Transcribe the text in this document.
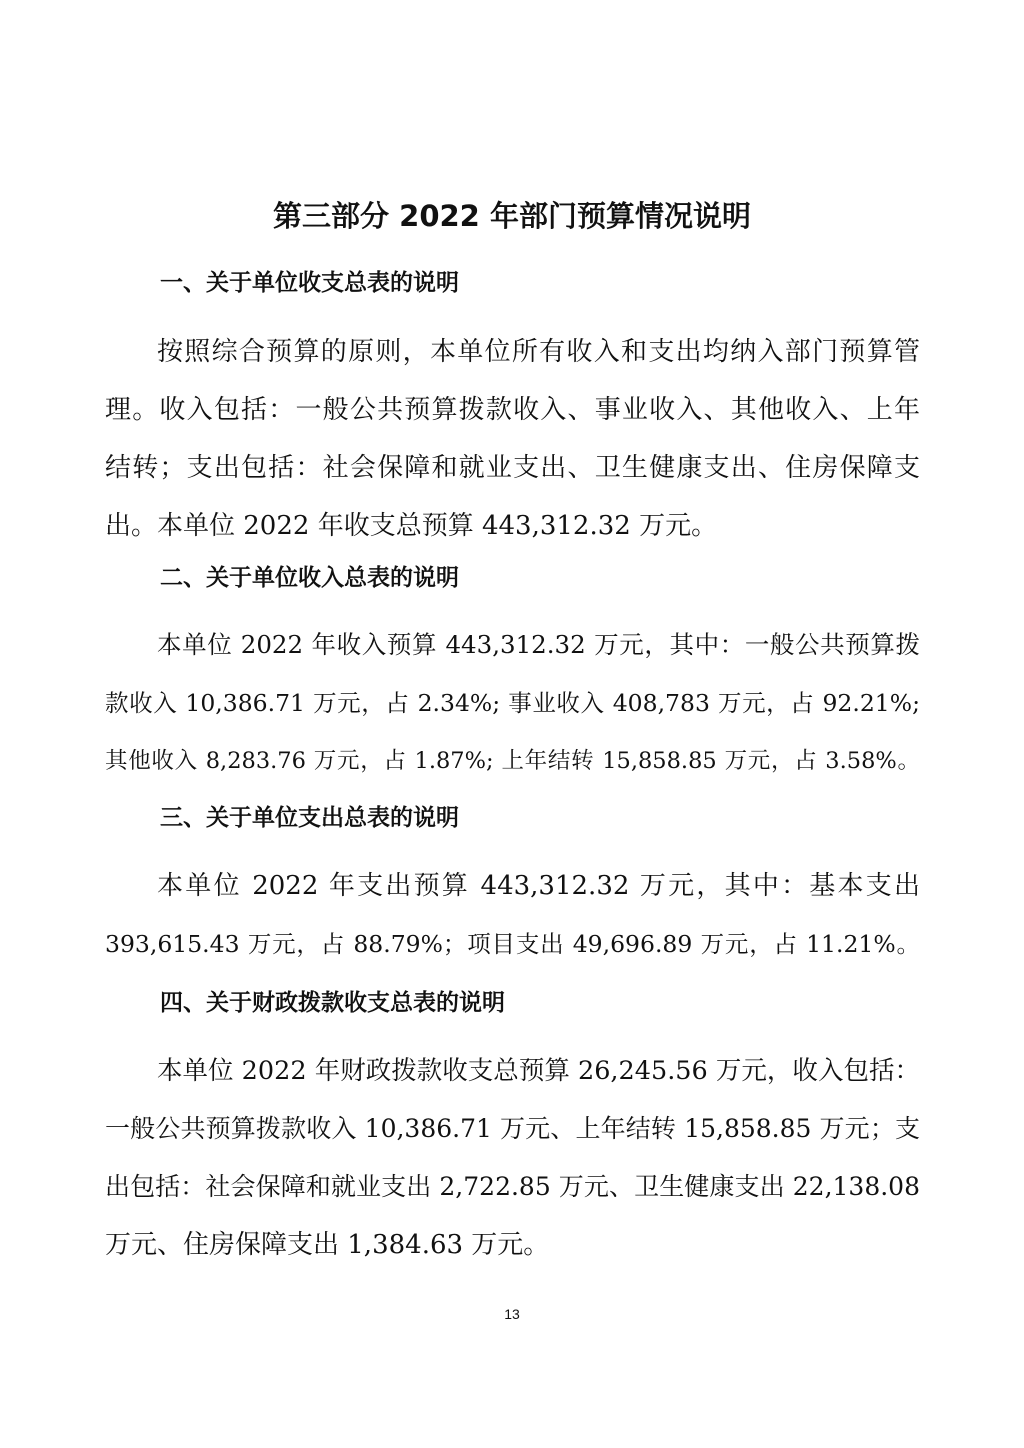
第三部分 2022 年部门预算情况说明
一、关于单位收支总表的说明
按照综合预算的原则，本单位所有收入和支出均纳入部门预算管
理。收入包括：一般公共预算拨款收入、事业收入、其他收入、上年
结转；支出包括：社会保障和就业支出、卫生健康支出、住房保障支
出。本单位 2022 年收支总预算 443,312.32 万元。
二、关于单位收入总表的说明
本单位 2022 年收入预算 443,312.32 万元，其中：一般公共预算拨
款收入 10,386.71 万元，占 2.34%; 事业收入 408,783 万元，占 92.21%;
其他收入 8,283.76 万元，占 1.87%; 上年结转 15,858.85 万元，占 3.58%。
三、关于单位支出总表的说明
本单位 2022 年支出预算 443,312.32 万元，其中：基本支出
393,615.43 万元，占 88.79%；项目支出 49,696.89 万元，占 11.21%。
四、关于财政拨款收支总表的说明
本单位 2022 年财政拨款收支总预算 26,245.56 万元，收入包括：
一般公共预算拨款收入 10,386.71 万元、上年结转 15,858.85 万元；支
出包括：社会保障和就业支出 2,722.85 万元、卫生健康支出 22,138.08
万元、住房保障支出 1,384.63 万元。
13
